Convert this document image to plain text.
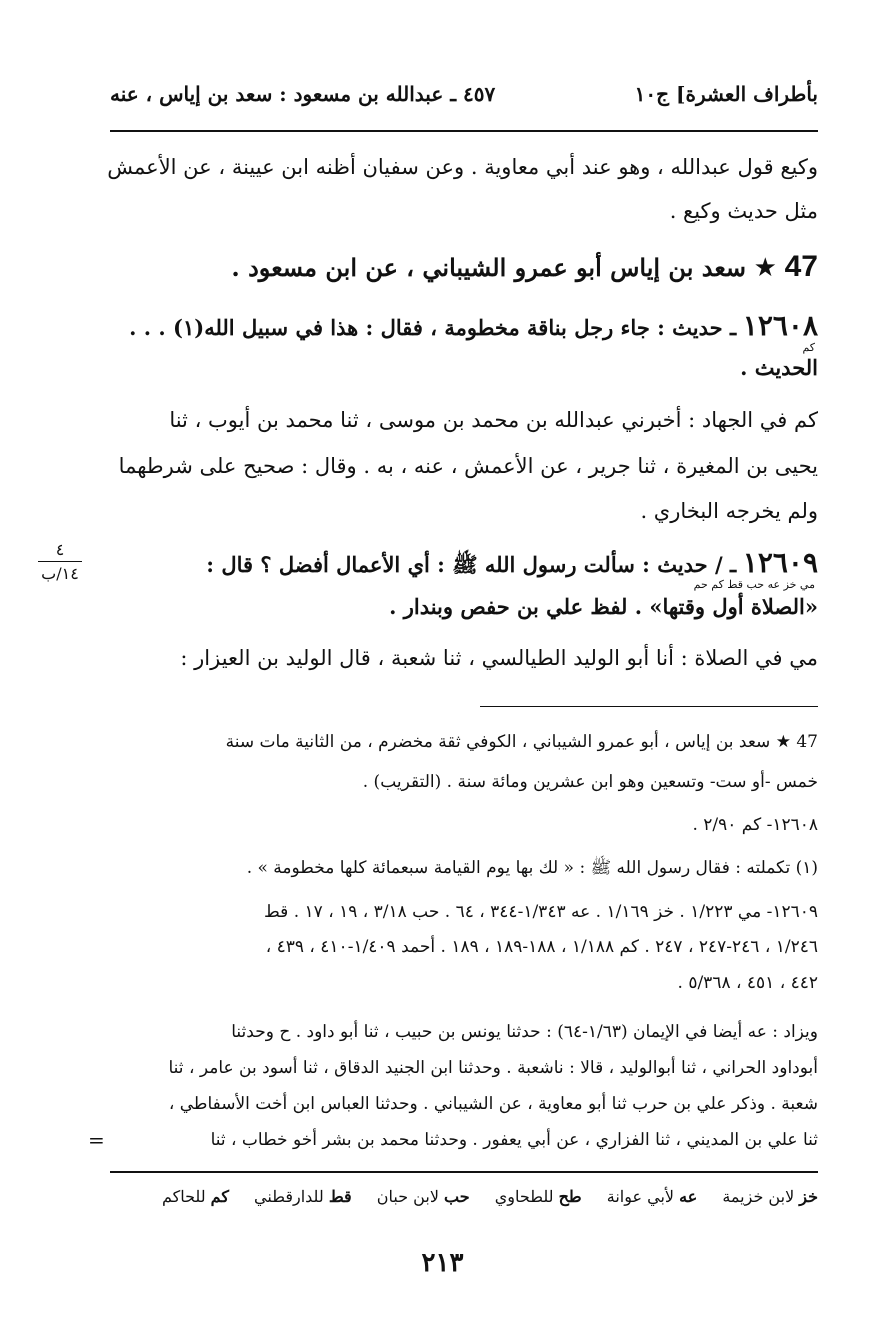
بأطراف العشرة] ج١٠
٤٥٧ ـ عبدالله بن مسعود : سعد بن إياس ، عنه
وكيع قول عبدالله ، وهو عند أبي معاوية . وعن سفيان أظنه ابن عيينة ، عن الأعمش
مثل حديث وكيع .
47 ★ سعد بن إياس أبو عمرو الشيباني ، عن ابن مسعود .
١٢٦٠٨ ـ حديث : جاء رجل بناقة مخطومة ، فقال : هذا في سبيل الله(١) . . .
كم
الحديث .
كم في الجهاد : أخبرني عبدالله بن محمد بن موسى ، ثنا محمد بن أيوب ، ثنا
يحيى بن المغيرة ، ثنا جرير ، عن الأعمش ، عنه ، به . وقال : صحيح على شرطهما
ولم يخرجه البخاري .
١٢٦٠٩ ـ / حديث : سألت رسول الله ﷺ : أي الأعمال أفضل ؟ قال :
مي خز عه حب قط كم حم
«الصلاة أول وقتها» . لفظ علي بن حفص وبندار .
مي في الصلاة : أنا أبو الوليد الطيالسي ، ثنا شعبة ، قال الوليد بن العيزار :
٤
١٤/ب
47 ★ سعد بن إياس ، أبو عمرو الشيباني ، الكوفي ثقة مخضرم ، من الثانية مات سنة
خمس -أو ست- وتسعين وهو ابن عشرين ومائة سنة . (التقريب) .
١٢٦٠٨- كم ٢/٩٠ .
(١) تكملته : فقال رسول الله ﷺ : « لك بها يوم القيامة سبعمائة كلها مخطومة » .
١٢٦٠٩- مي ١/٢٢٣ . خز ١/١٦٩ . عه ١/٣٤٣-٣٤٤ ، ٦٤ . حب ٣/١٨ ، ١٩ ، ١٧ . قط
١/٢٤٦ ، ٢٤٦-٢٤٧ ، ٢٤٧ . كم ١/١٨٨ ، ١٨٨-١٨٩ ، ١٨٩ . أحمد ١/٤٠٩-٤١٠ ، ٤٣٩ ،
٤٤٢ ، ٤٥١ ، ٥/٣٦٨ .
ويزاد : عه أيضا في الإيمان (١/٦٣-٦٤) : حدثنا يونس بن حبيب ، ثنا أبو داود . ح وحدثنا
أبوداود الحراني ، ثنا أبوالوليد ، قالا : ناشعبة . وحدثنا ابن الجنيد الدقاق ، ثنا أسود بن عامر ، ثنا
شعبة . وذكر علي بن حرب ثنا أبو معاوية ، عن الشيباني . وحدثنا العباس ابن أخت الأسفاطي ،
ثنا علي بن المديني ، ثنا الفزاري ، عن أبي يعفور . وحدثنا محمد بن بشر أخو خطاب ، ثنا
=
خز لابن خزيمة عه لأبي عوانة طح للطحاوي حب لابن حبان قط للدارقطني كم للحاكم
٢١٣
